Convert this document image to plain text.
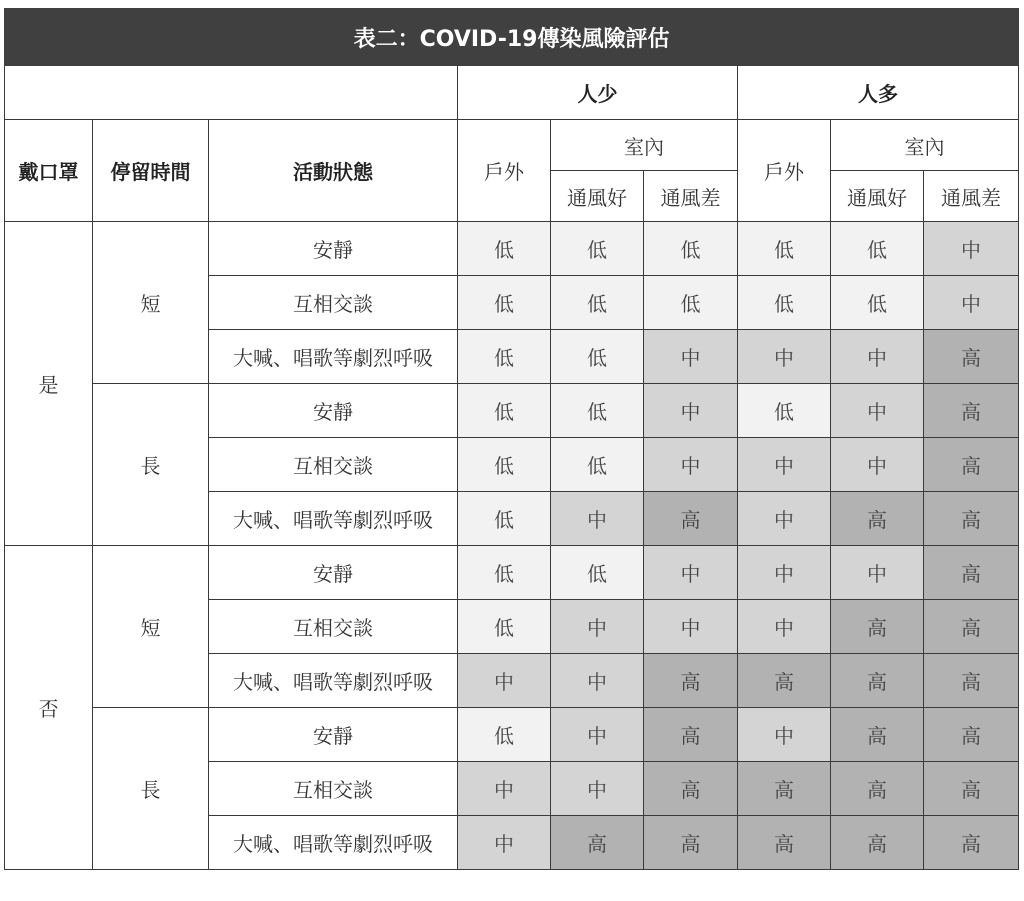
表二：COVID-19傳染風險評估								
			人少			人多		
戴口罩	停留時間	活動狀態	戶外	室內		戶外	室內	
				通風好	通風差		通風好	通風差
是	短	安靜	低	低	低	低	低	中
		互相交談	低	低	低	低	低	中
		大喊、唱歌等劇烈呼吸	低	低	中	中	中	高
	長	安靜	低	低	中	低	中	高
		互相交談	低	低	中	中	中	高
		大喊、唱歌等劇烈呼吸	低	中	高	中	高	高
否	短	安靜	低	低	中	中	中	高
		互相交談	低	中	中	中	高	高
		大喊、唱歌等劇烈呼吸	中	中	高	高	高	高
	長	安靜	低	中	高	中	高	高
		互相交談	中	中	高	高	高	高
		大喊、唱歌等劇烈呼吸	中	高	高	高	高	高
